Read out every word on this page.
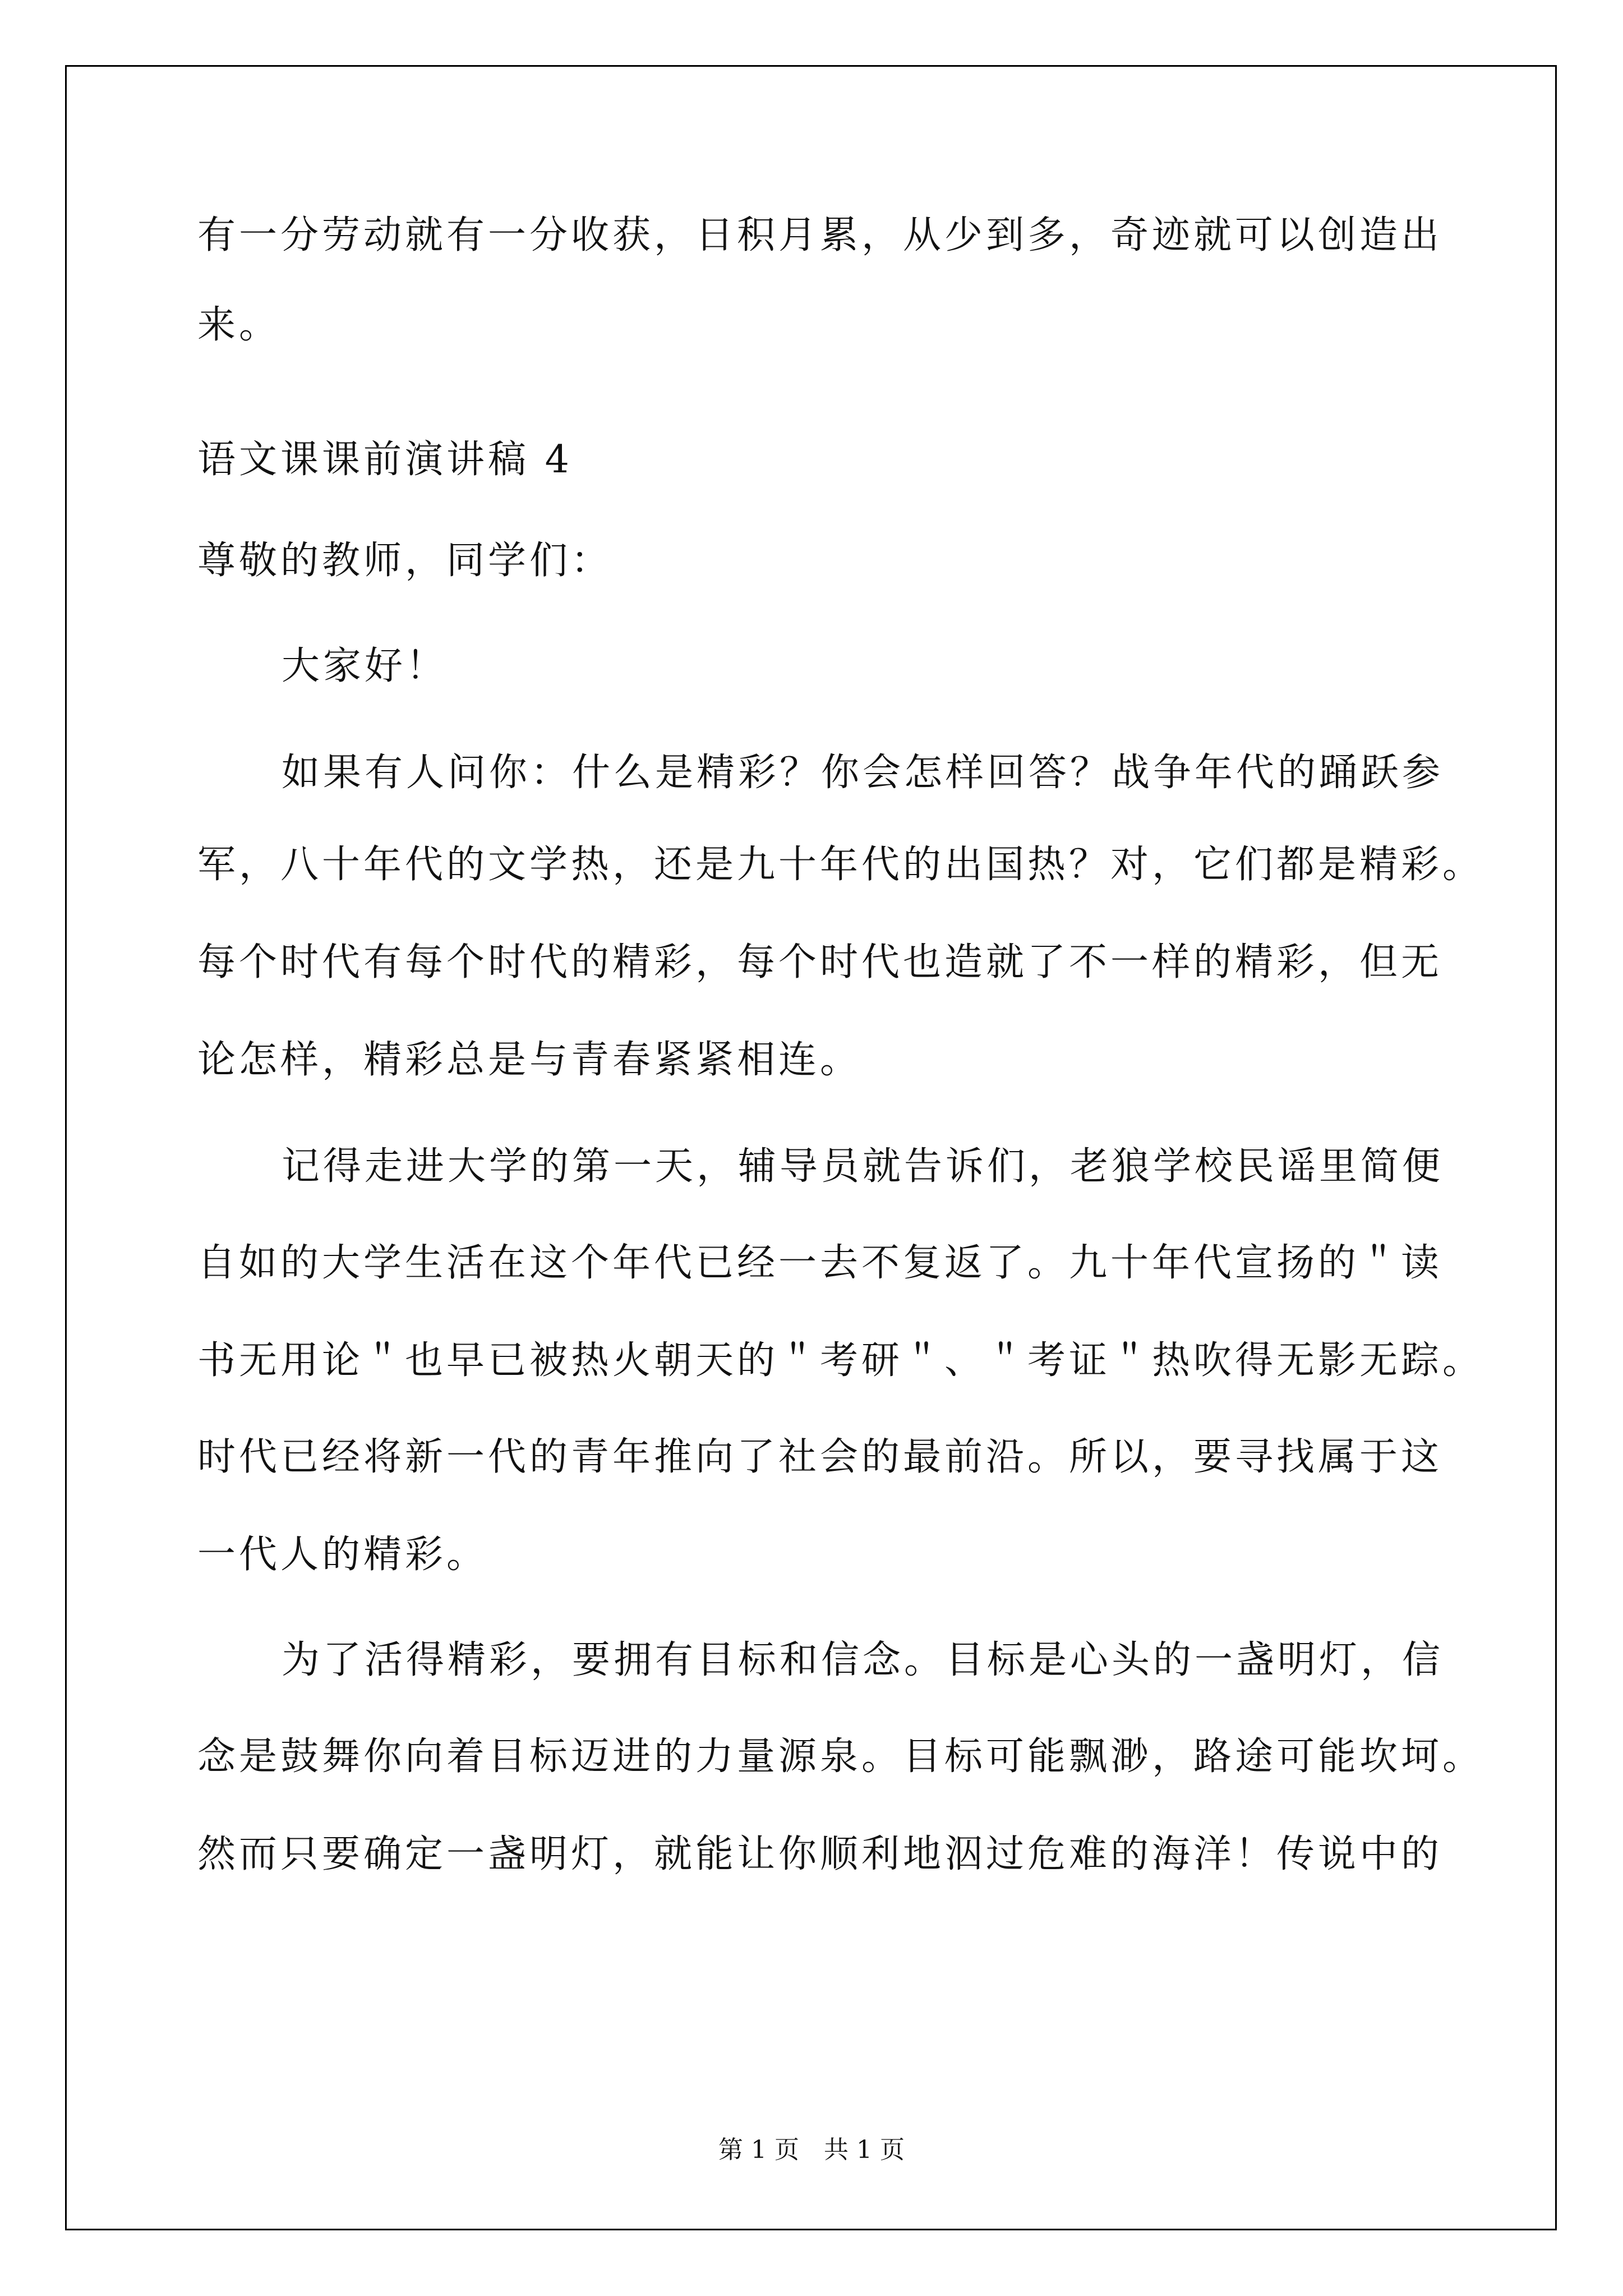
有一分劳动就有一分收获，日积月累，从少到多，奇迹就可以创造出
来。
语文课课前演讲稿 4
尊敬的教师，同学们：
大家好！
如果有人问你：什么是精彩？你会怎样回答？战争年代的踊跃参
军，八十年代的文学热，还是九十年代的出国热？对，它们都是精彩。
每个时代有每个时代的精彩，每个时代也造就了不一样的精彩，但无
论怎样，精彩总是与青春紧紧相连。
记得走进大学的第一天，辅导员就告诉们，老狼学校民谣里简便
自如的大学生活在这个年代已经一去不复返了。九十年代宣扬的＂读
书无用论＂也早已被热火朝天的＂考研＂、＂考证＂热吹得无影无踪。
时代已经将新一代的青年推向了社会的最前沿。所以，要寻找属于这
一代人的精彩。
为了活得精彩，要拥有目标和信念。目标是心头的一盏明灯，信
念是鼓舞你向着目标迈进的力量源泉。目标可能飘渺，路途可能坎坷。
然而只要确定一盏明灯，就能让你顺利地泅过危难的海洋！传说中的
第 1 页　共 1 页
